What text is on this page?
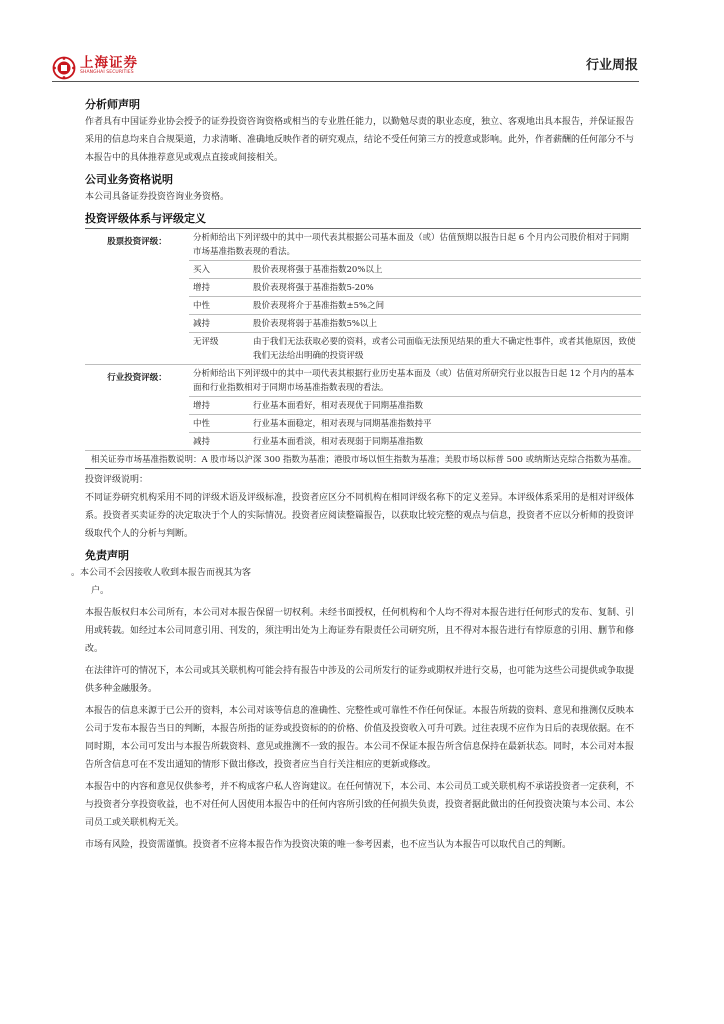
上海证券
SHANGHAI SECURITIES	行业周报
分析师声明
作者具有中国证券业协会授予的证券投资咨询资格或相当的专业胜任能力，以勤勉尽责的职业态度，独立、客观地出具本报告，并保证报告采用的信息均来自合规渠道，力求清晰、准确地反映作者的研究观点，结论不受任何第三方的授意或影响。此外，作者薪酬的任何部分不与本报告中的具体推荐意见或观点直接或间接相关。
公司业务资格说明
本公司具备证券投资咨询业务资格。
投资评级体系与评级定义
股票投资评级：	分析师给出下列评级中的其中一项代表其根据公司基本面及（或）估值预期以报告日起 6 个月内公司股价相对于同期市场基准指数表现的看法。	
	买入	股价表现将强于基准指数20%以上
	增持	股价表现将强于基准指数5-20%
	中性	股价表现将介于基准指数±5%之间
	减持	股价表现将弱于基准指数5%以上
	无评级	由于我们无法获取必要的资料，或者公司面临无法预见结果的重大不确定性事件，或者其他原因，致使我们无法给出明确的投资评级
行业投资评级：	分析师给出下列评级中的其中一项代表其根据行业历史基本面及（或）估值对所研究行业以报告日起 12 个月内的基本面和行业指数相对于同期市场基准指数表现的看法。	
	增持	行业基本面看好，相对表现优于同期基准指数
	中性	行业基本面稳定，相对表现与同期基准指数持平
	减持	行业基本面看淡，相对表现弱于同期基准指数
相关证券市场基准指数说明：A 股市场以沪深 300 指数为基准；港股市场以恒生指数为基准；美股市场以标普 500 或纳斯达克综合指数为基准。		
投资评级说明：
不同证券研究机构采用不同的评级术语及评级标准，投资者应区分不同机构在相同评级名称下的定义差异。本评级体系采用的是相对评级体系。投资者买卖证券的决定取决于个人的实际情况。投资者应阅读整篇报告，以获取比较完整的观点与信息，投资者不应以分析师的投资评级取代个人的分析与判断。
免责声明
。本公司不会因接收人收到本报告而视其为客
户。
本报告版权归本公司所有，本公司对本报告保留一切权利。未经书面授权，任何机构和个人均不得对本报告进行任何形式的发布、复制、引用或转载。如经过本公司同意引用、刊发的，须注明出处为上海证券有限责任公司研究所，且不得对本报告进行有悖原意的引用、删节和修改。
在法律许可的情况下，本公司或其关联机构可能会持有报告中涉及的公司所发行的证券或期权并进行交易，也可能为这些公司提供或争取提供多种金融服务。
本报告的信息来源于已公开的资料，本公司对该等信息的准确性、完整性或可靠性不作任何保证。本报告所载的资料、意见和推测仅反映本公司于发布本报告当日的判断，本报告所指的证券或投资标的的价格、价值及投资收入可升可跌。过往表现不应作为日后的表现依据。在不同时期，本公司可发出与本报告所载资料、意见或推测不一致的报告。本公司不保证本报告所含信息保持在最新状态。同时，本公司对本报告所含信息可在不发出通知的情形下做出修改，投资者应当自行关注相应的更新或修改。
本报告中的内容和意见仅供参考，并不构成客户私人咨询建议。在任何情况下，本公司、本公司员工或关联机构不承诺投资者一定获利，不与投资者分享投资收益，也不对任何人因使用本报告中的任何内容所引致的任何损失负责，投资者据此做出的任何投资决策与本公司、本公司员工或关联机构无关。
市场有风险，投资需谨慎。投资者不应将本报告作为投资决策的唯一参考因素，也不应当认为本报告可以取代自己的判断。
